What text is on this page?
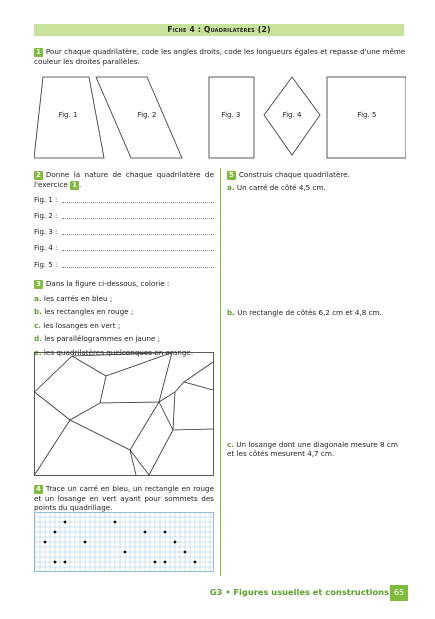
Fiche 4 : Quadrilatères (2)
1 Pour chaque quadrilatère, code les angles droits, code les longueurs égales et repasse d'une même couleur les droites parallèles.
Fig. 1	Fig. 2	Fig. 3	Fig. 4	Fig. 5
2 Donne la nature de chaque quadrilatère de l'exercice 1 .
Fig. 1 :
Fig. 2 :
Fig. 3 :
Fig. 4 :
Fig. 5 :
3 Dans la figure ci-dessous, colorie :
a. les carrés en bleu ;
b. les rectangles en rouge ;
c. les losanges en vert ;
d. les parallélogrammes en jaune ;
e. les quadrilatères quelconques en orange.
4 Trace un carré en bleu, un rectangle en rouge et un losange en vert ayant pour sommets des points du quadrillage.
5 Construis chaque quadrilatère.

a. Un carré de côté 4,5 cm.
b. Un rectangle de côtés 6,2 cm et 4,8 cm.
c. Un losange dont une diagonale mesure 8 cm et les côtés mesurent 4,7 cm.
G3 • Figures usuelles et constructions 65
